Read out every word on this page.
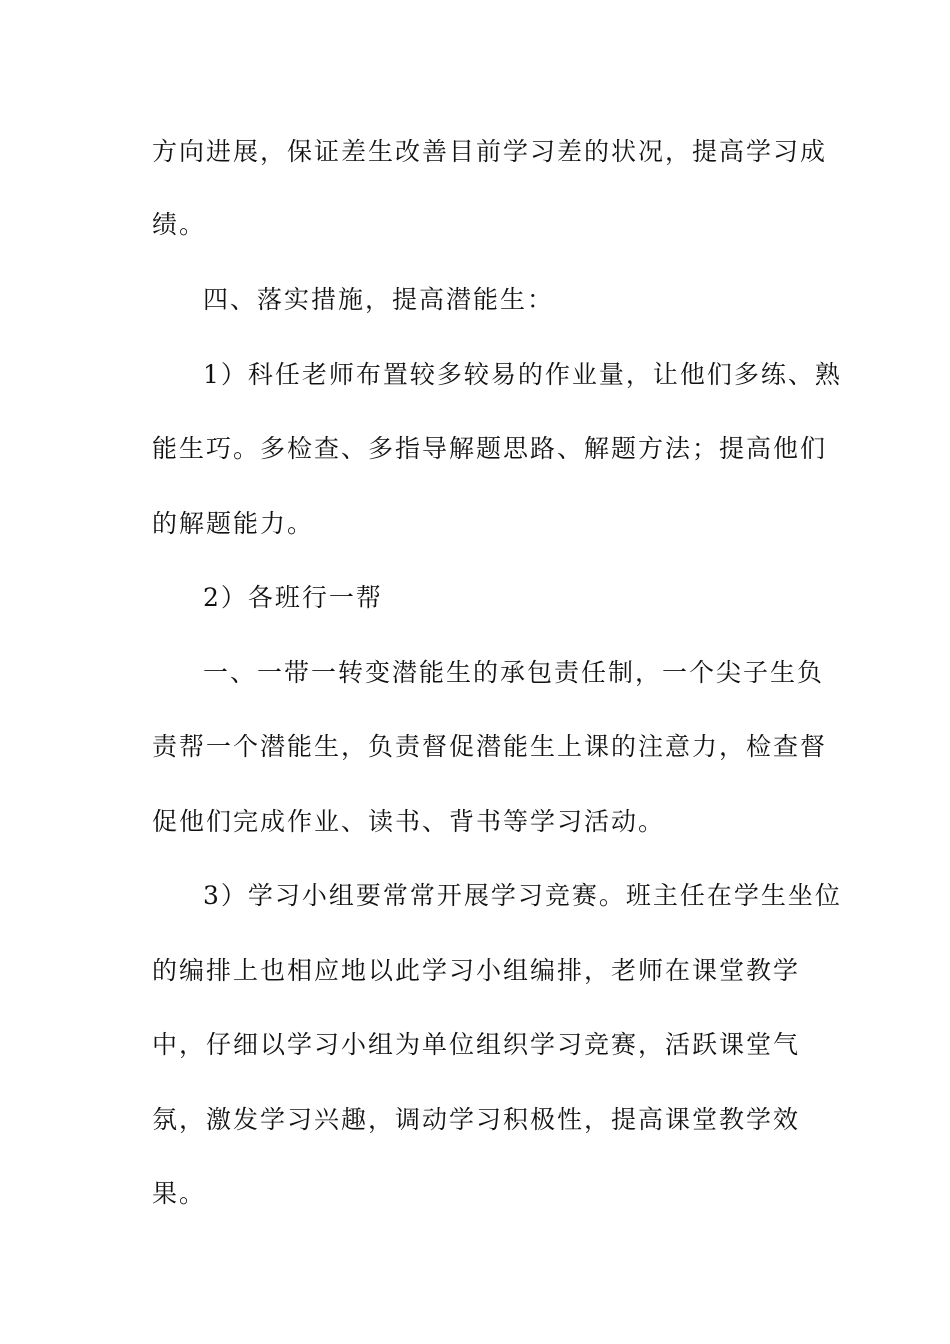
方向进展，保证差生改善目前学习差的状况，提高学习成
绩。
四、落实措施，提高潜能生：
1）科任老师布置较多较易的作业量，让他们多练、熟
能生巧。多检查、多指导解题思路、解题方法；提高他们
的解题能力。
2）各班行一帮
一、一带一转变潜能生的承包责任制，一个尖子生负
责帮一个潜能生，负责督促潜能生上课的注意力，检查督
促他们完成作业、读书、背书等学习活动。
3）学习小组要常常开展学习竞赛。班主任在学生坐位
的编排上也相应地以此学习小组编排，老师在课堂教学
中，仔细以学习小组为单位组织学习竞赛，活跃课堂气
氛，激发学习兴趣，调动学习积极性，提高课堂教学效
果。
